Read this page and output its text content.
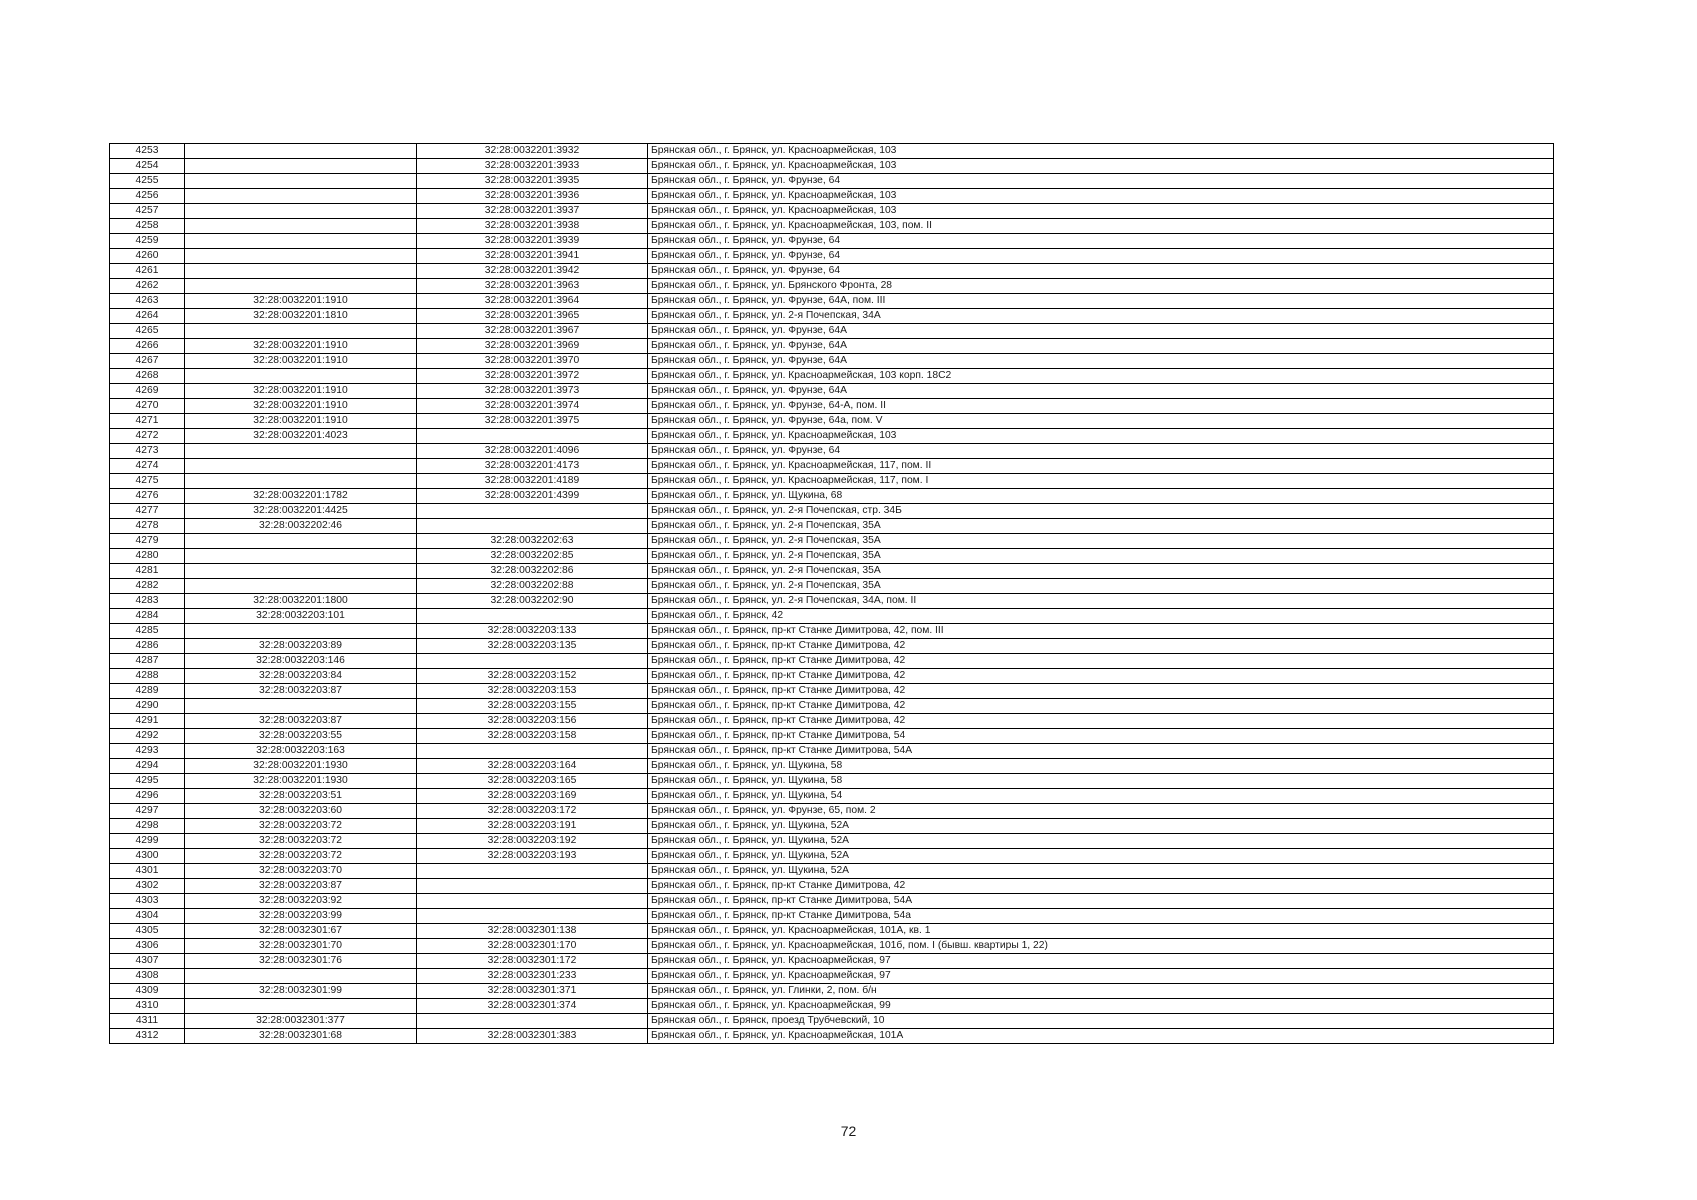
4253		32:28:0032201:3932	Брянская обл., г. Брянск, ул. Красноармейская, 103
4254		32:28:0032201:3933	Брянская обл., г. Брянск, ул. Красноармейская, 103
4255		32:28:0032201:3935	Брянская обл., г. Брянск, ул. Фрунзе, 64
4256		32:28:0032201:3936	Брянская обл., г. Брянск, ул. Красноармейская, 103
4257		32:28:0032201:3937	Брянская обл., г. Брянск, ул. Красноармейская, 103
4258		32:28:0032201:3938	Брянская обл., г. Брянск, ул. Красноармейская, 103, пом. II
4259		32:28:0032201:3939	Брянская обл., г. Брянск, ул. Фрунзе, 64
4260		32:28:0032201:3941	Брянская обл., г. Брянск, ул. Фрунзе, 64
4261		32:28:0032201:3942	Брянская обл., г. Брянск, ул. Фрунзе, 64
4262		32:28:0032201:3963	Брянская обл., г. Брянск, ул. Брянского Фронта, 28
4263	32:28:0032201:1910	32:28:0032201:3964	Брянская обл., г. Брянск, ул. Фрунзе, 64А, пом. III
4264	32:28:0032201:1810	32:28:0032201:3965	Брянская обл., г. Брянск, ул. 2-я Почепская, 34А
4265		32:28:0032201:3967	Брянская обл., г. Брянск, ул. Фрунзе, 64А
4266	32:28:0032201:1910	32:28:0032201:3969	Брянская обл., г. Брянск, ул. Фрунзе, 64А
4267	32:28:0032201:1910	32:28:0032201:3970	Брянская обл., г. Брянск, ул. Фрунзе, 64А
4268		32:28:0032201:3972	Брянская обл., г. Брянск, ул. Красноармейская, 103 корп. 18С2
4269	32:28:0032201:1910	32:28:0032201:3973	Брянская обл., г. Брянск, ул. Фрунзе, 64А
4270	32:28:0032201:1910	32:28:0032201:3974	Брянская обл., г. Брянск, ул. Фрунзе, 64-А, пом. II
4271	32:28:0032201:1910	32:28:0032201:3975	Брянская обл., г. Брянск, ул. Фрунзе, 64а, пом. V
4272	32:28:0032201:4023		Брянская обл., г. Брянск, ул. Красноармейская, 103
4273		32:28:0032201:4096	Брянская обл., г. Брянск, ул. Фрунзе, 64
4274		32:28:0032201:4173	Брянская обл., г. Брянск, ул. Красноармейская, 117, пом. II
4275		32:28:0032201:4189	Брянская обл., г. Брянск, ул. Красноармейская, 117, пом. I
4276	32:28:0032201:1782	32:28:0032201:4399	Брянская обл., г. Брянск, ул. Щукина, 68
4277	32:28:0032201:4425		Брянская обл., г. Брянск, ул. 2-я Почепская, стр. 34Б
4278	32:28:0032202:46		Брянская обл., г. Брянск, ул. 2-я Почепская, 35А
4279		32:28:0032202:63	Брянская обл., г. Брянск, ул. 2-я Почепская, 35А
4280		32:28:0032202:85	Брянская обл., г. Брянск, ул. 2-я Почепская, 35А
4281		32:28:0032202:86	Брянская обл., г. Брянск, ул. 2-я Почепская, 35А
4282		32:28:0032202:88	Брянская обл., г. Брянск, ул. 2-я Почепская, 35А
4283	32:28:0032201:1800	32:28:0032202:90	Брянская обл., г. Брянск, ул. 2-я Почепская, 34А, пом. II
4284	32:28:0032203:101		Брянская обл., г. Брянск, 42
4285		32:28:0032203:133	Брянская обл., г. Брянск, пр-кт Станке Димитрова, 42, пом. III
4286	32:28:0032203:89	32:28:0032203:135	Брянская обл., г. Брянск, пр-кт Станке Димитрова, 42
4287	32:28:0032203:146		Брянская обл., г. Брянск, пр-кт Станке Димитрова, 42
4288	32:28:0032203:84	32:28:0032203:152	Брянская обл., г. Брянск, пр-кт Станке Димитрова, 42
4289	32:28:0032203:87	32:28:0032203:153	Брянская обл., г. Брянск, пр-кт Станке Димитрова, 42
4290		32:28:0032203:155	Брянская обл., г. Брянск, пр-кт Станке Димитрова, 42
4291	32:28:0032203:87	32:28:0032203:156	Брянская обл., г. Брянск, пр-кт Станке Димитрова, 42
4292	32:28:0032203:55	32:28:0032203:158	Брянская обл., г. Брянск, пр-кт Станке Димитрова, 54
4293	32:28:0032203:163		Брянская обл., г. Брянск, пр-кт Станке Димитрова, 54А
4294	32:28:0032201:1930	32:28:0032203:164	Брянская обл., г. Брянск, ул. Щукина, 58
4295	32:28:0032201:1930	32:28:0032203:165	Брянская обл., г. Брянск, ул. Щукина, 58
4296	32:28:0032203:51	32:28:0032203:169	Брянская обл., г. Брянск, ул. Щукина, 54
4297	32:28:0032203:60	32:28:0032203:172	Брянская обл., г. Брянск, ул. Фрунзе, 65, пом. 2
4298	32:28:0032203:72	32:28:0032203:191	Брянская обл., г. Брянск, ул. Щукина, 52А
4299	32:28:0032203:72	32:28:0032203:192	Брянская обл., г. Брянск, ул. Щукина, 52А
4300	32:28:0032203:72	32:28:0032203:193	Брянская обл., г. Брянск, ул. Щукина, 52А
4301	32:28:0032203:70		Брянская обл., г. Брянск, ул. Щукина, 52А
4302	32:28:0032203:87		Брянская обл., г. Брянск, пр-кт Станке Димитрова, 42
4303	32:28:0032203:92		Брянская обл., г. Брянск, пр-кт Станке Димитрова, 54А
4304	32:28:0032203:99		Брянская обл., г. Брянск, пр-кт Станке Димитрова, 54а
4305	32:28:0032301:67	32:28:0032301:138	Брянская обл., г. Брянск, ул. Красноармейская, 101А, кв. 1
4306	32:28:0032301:70	32:28:0032301:170	Брянская обл., г. Брянск, ул. Красноармейская, 101б, пом. I (бывш. квартиры 1, 22)
4307	32:28:0032301:76	32:28:0032301:172	Брянская обл., г. Брянск, ул. Красноармейская, 97
4308		32:28:0032301:233	Брянская обл., г. Брянск, ул. Красноармейская, 97
4309	32:28:0032301:99	32:28:0032301:371	Брянская обл., г. Брянск, ул. Глинки, 2, пом. б/н
4310		32:28:0032301:374	Брянская обл., г. Брянск, ул. Красноармейская, 99
4311	32:28:0032301:377		Брянская обл., г. Брянск, проезд Трубчевский, 10
4312	32:28:0032301:68	32:28:0032301:383	Брянская обл., г. Брянск, ул. Красноармейская, 101А
72
